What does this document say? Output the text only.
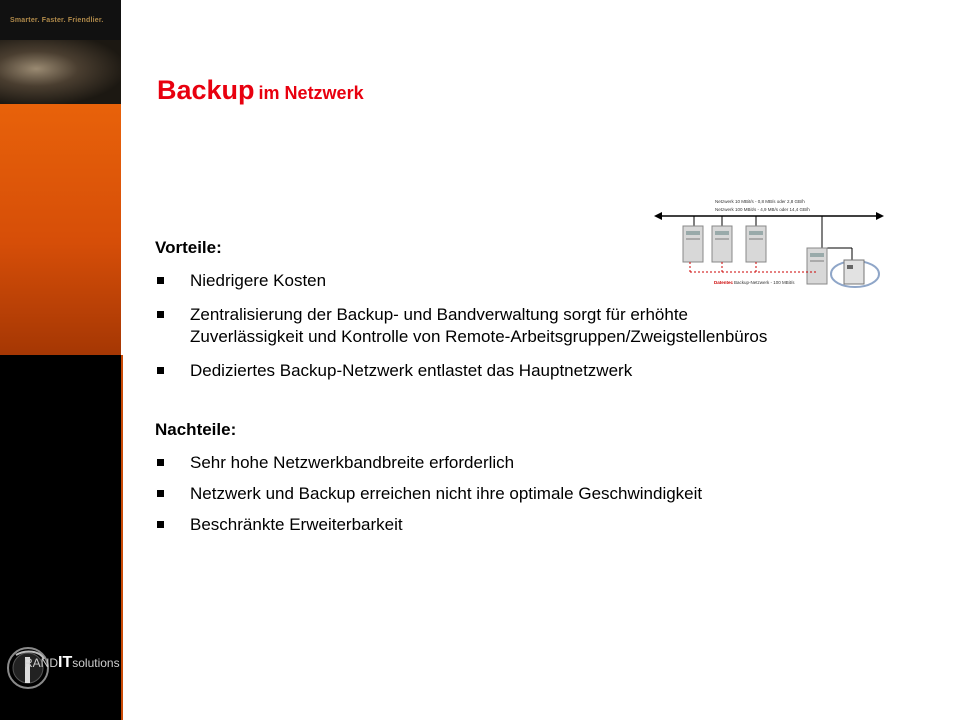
Smarter. Faster. Friendlier.
RANDITsolutions
Backup im Netzwerk
Netzwerk 10 MBit/s - 0,8 MB/s oder 2,8 GB/h
Netzwerk 100 MBit/s - 4,9 MB/s oder 14,4 GB/h
Datentec Backup-Netzwerk - 100 MBit/s
Vorteile:
Niedrigere Kosten
Zentralisierung der Backup- und Bandverwaltung sorgt für erhöhte
Zuverlässigkeit und Kontrolle von Remote-Arbeitsgruppen/Zweigstellenbüros
Dediziertes Backup-Netzwerk entlastet das Hauptnetzwerk
Nachteile:
Sehr hohe Netzwerkbandbreite erforderlich
Netzwerk und Backup erreichen nicht ihre optimale Geschwindigkeit
Beschränkte Erweiterbarkeit
